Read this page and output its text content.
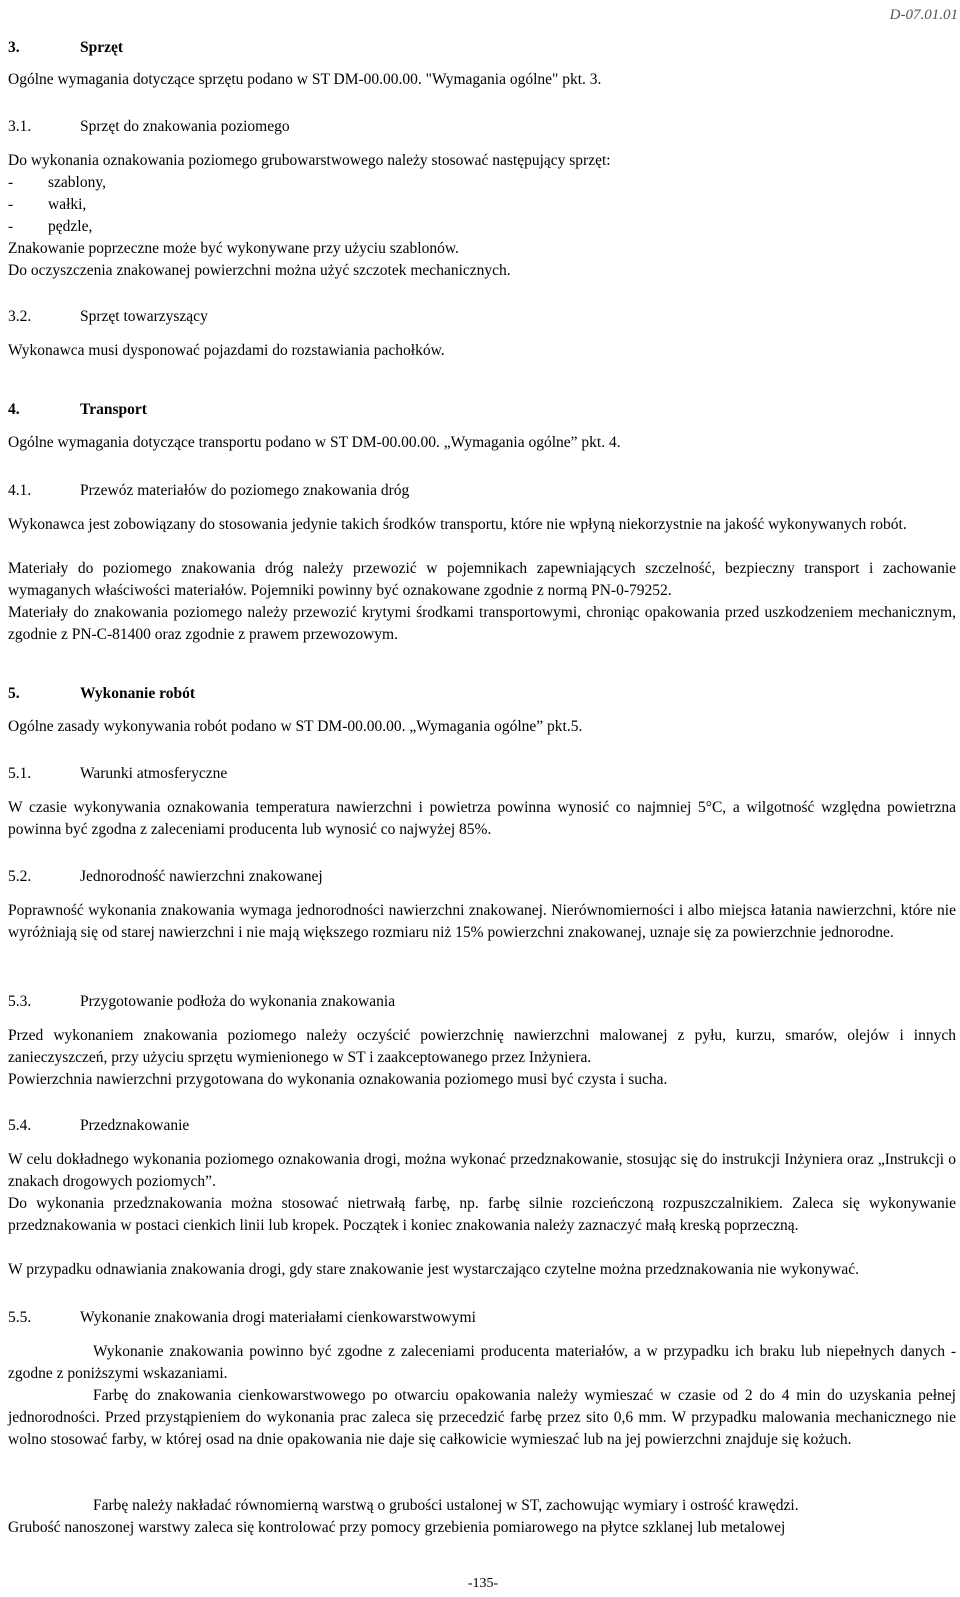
D-07.01.01
3.	Sprzęt
Ogólne wymagania dotyczące sprzętu podano w ST DM-00.00.00. "Wymagania ogólne" pkt. 3.
3.1.	Sprzęt do znakowania poziomego
Do wykonania oznakowania poziomego grubowarstwowego należy stosować następujący sprzęt:
- szablony,
- wałki,
- pędzle,
Znakowanie poprzeczne może być wykonywane przy użyciu szablonów.
Do oczyszczenia znakowanej powierzchni można użyć szczotek mechanicznych.
3.2.	Sprzęt towarzyszący
Wykonawca musi dysponować pojazdami do rozstawiania pachołków.
4.	Transport
Ogólne wymagania dotyczące transportu podano w ST DM-00.00.00. „Wymagania ogólne” pkt. 4.
4.1.	Przewóz materiałów do poziomego znakowania dróg
Wykonawca jest zobowiązany do stosowania jedynie takich środków transportu, które nie wpłyną niekorzystnie na jakość wykonywanych robót.
Materiały do poziomego znakowania dróg należy przewozić w pojemnikach zapewniających szczelność, bezpieczny transport i zachowanie wymaganych właściwości materiałów. Pojemniki powinny być oznakowane zgodnie z normą PN-0-79252.
Materiały do znakowania poziomego należy przewozić krytymi środkami transportowymi, chroniąc opakowania przed uszkodzeniem mechanicznym, zgodnie z PN-C-81400 oraz zgodnie z prawem przewozowym.
5.	Wykonanie robót
Ogólne zasady wykonywania robót podano w ST DM-00.00.00. „Wymagania ogólne” pkt.5.
5.1.	Warunki atmosferyczne
W czasie wykonywania oznakowania temperatura nawierzchni i powietrza powinna wynosić co najmniej 5°C, a wilgotność względna powietrzna powinna być zgodna z zaleceniami producenta lub wynosić co najwyżej 85%.
5.2.	Jednorodność nawierzchni znakowanej
Poprawność wykonania znakowania wymaga jednorodności nawierzchni znakowanej. Nierównomierności i albo miejsca łatania nawierzchni, które nie wyróżniają się od starej nawierzchni i nie mają większego rozmiaru niż 15% powierzchni znakowanej, uznaje się za powierzchnie jednorodne.
5.3.	Przygotowanie podłoża do wykonania znakowania
Przed wykonaniem znakowania poziomego należy oczyścić powierzchnię nawierzchni malowanej z pyłu, kurzu, smarów, olejów i innych zanieczyszczeń, przy użyciu sprzętu wymienionego w ST i zaakceptowanego przez Inżyniera.
Powierzchnia nawierzchni przygotowana do wykonania oznakowania poziomego musi być czysta i sucha.
5.4.	Przedznakowanie
W celu dokładnego wykonania poziomego oznakowania drogi, można wykonać przedznakowanie, stosując się do instrukcji Inżyniera oraz „Instrukcji o znakach drogowych poziomych”.
Do wykonania przedznakowania można stosować nietrwałą farbę, np. farbę silnie rozcieńczoną rozpuszczalnikiem. Zaleca się wykonywanie przedznakowania w postaci cienkich linii lub kropek. Początek i koniec znakowania należy zaznaczyć małą kreską poprzeczną.
W przypadku odnawiania znakowania drogi, gdy stare znakowanie jest wystarczająco czytelne można przedznakowania nie wykonywać.
5.5.	Wykonanie znakowania drogi materiałami cienkowarstwowymi
Wykonanie znakowania powinno być zgodne z zaleceniami producenta materiałów, a w przypadku ich braku lub niepełnych danych - zgodne z poniższymi wskazaniami.
Farbę do znakowania cienkowarstwowego po otwarciu opakowania należy wymieszać w czasie od 2 do 4 min do uzyskania pełnej jednorodności. Przed przystąpieniem do wykonania prac zaleca się przecedzić farbę przez sito 0,6 mm. W przypadku malowania mechanicznego nie wolno stosować farby, w której osad na dnie opakowania nie daje się całkowicie wymieszać lub na jej powierzchni znajduje się kożuch.
Farbę należy nakładać równomierną warstwą o grubości ustalonej w ST, zachowując wymiary i ostrość krawędzi.
Grubość nanoszonej warstwy zaleca się kontrolować przy pomocy grzebienia pomiarowego na płytce szklanej lub metalowej
-135-
